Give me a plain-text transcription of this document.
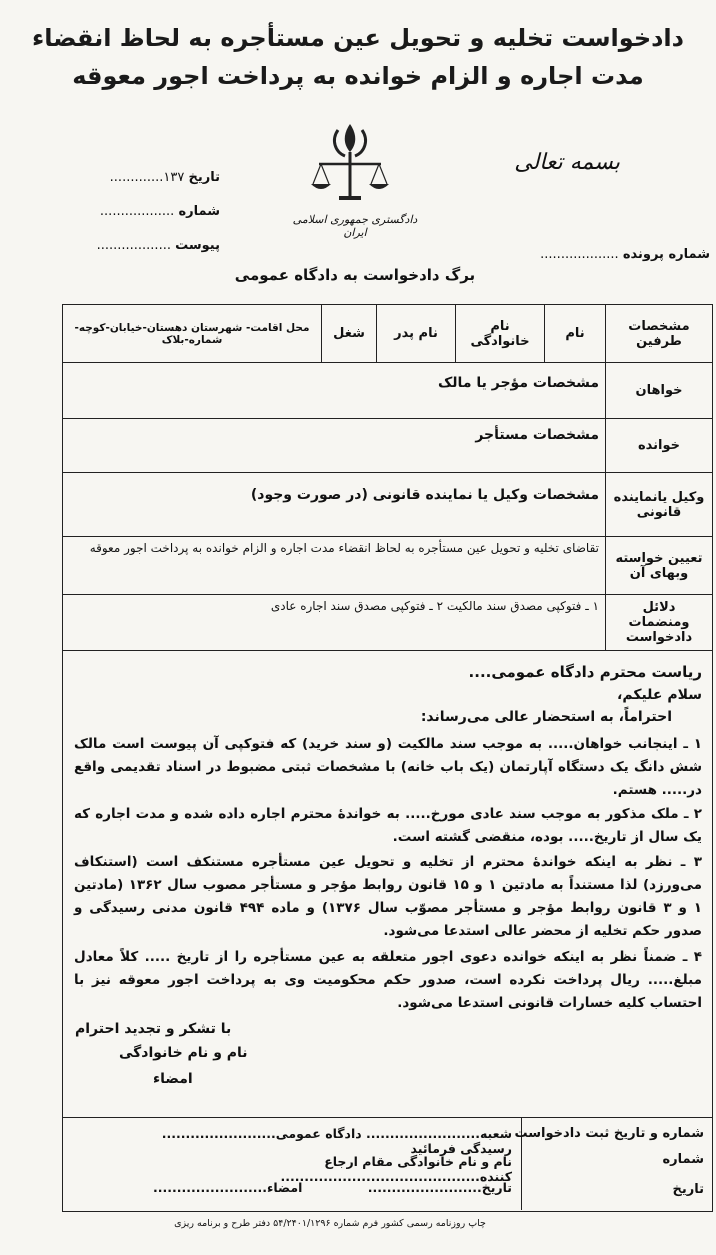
دادخواست تخلیه و تحویل عین مستأجره به لحاظ انقضاء
مدت اجاره و الزام خوانده به پرداخت اجور معوقه
بسمه تعالی
دادگستری جمهوری اسلامی ایران
تاریخ ۱۳۷.............
شماره ..................
پیوست ..................
شماره پرونده ...................
برگ دادخواست به دادگاه عمومی
مشخصات طرفین	نام	نام خانوادگی	نام پدر	شغل	محل اقامت- شهرستان دهستان-خیابان-کوچه-شماره-بلاک
خواهان	مشخصات مؤجر یا مالک				
خوانده	مشخصات مستأجر				
وکیل یانماینده قانونی	مشخصات وکیل یا نماینده قانونی (در صورت وجود)				
تعیین خواسته وبهای آن	تقاضای تخلیه و تحویل عین مستأجره به لحاظ انقضاء مدت اجاره و الزام خوانده به پرداخت اجور معوقه				
دلائل ومنضمات دادخواست	۱ ـ فتوکپی مصدق سند مالکیت ۲ ـ فتوکپی مصدق سند اجاره عادی				
ریاست محترم دادگاه عمومی....
سلام علیکم،
احتراماً، به استحضار عالی می‌رساند:
۱ ـ اینجانب خواهان..... به موجب سند مالکیت (و سند خرید) که فتوکپی آن پیوست است مالک شش دانگ یک دستگاه آپارتمان (یک باب خانه) با مشخصات ثبتی مضبوط در اسناد تقدیمی واقع در..... هستم.
۲ ـ ملک مذکور به موجب سند عادی مورخ..... به خواندهٔ محترم اجاره داده شده و مدت اجاره که یک سال از تاریخ..... بوده، منقضی گشته است.
۳ ـ نظر به اینکه خواندهٔ محترم از تخلیه و تحویل عین مستأجره مستنکف است (استنکاف می‌ورزد) لذا مستنداً به مادتین ۱ و ۱۵ قانون روابط مؤجر و مستأجر مصوب سال ۱۳۶۲ (مادتین ۱ و ۳ قانون روابط مؤجر و مستأجر مصوّب سال ۱۳۷۶) و ماده ۴۹۴ قانون مدنی رسیدگی و صدور حکم تخلیه از محضر عالی استدعا می‌شود.
۴ ـ ضمناً نظر به اینکه خوانده دعوی اجور متعلقه به عین مستأجره را از تاریخ ..... کلاً معادل مبلغ..... ریال پرداخت نکرده است، صدور حکم محکومیت وی به پرداخت اجور معوقه نیز با احتساب کلیه خسارات قانونی استدعا می‌شود.
با تشکر و تجدید احترام
نام و نام خانوادگی
امضاء
شماره و تاریخ ثبت دادخواست
شماره
تاریخ
شعبه........................ دادگاه عمومی........................ رسیدگی فرمائید
نام و نام خانوادگی مقام ارجاع کننده..........................................
تاریخ........................
امضاء........................
چاپ روزنامه رسمی کشور فرم شماره ۵۴/۲۴۰۱/۱۲۹۶ دفتر طرح و برنامه ریزی
